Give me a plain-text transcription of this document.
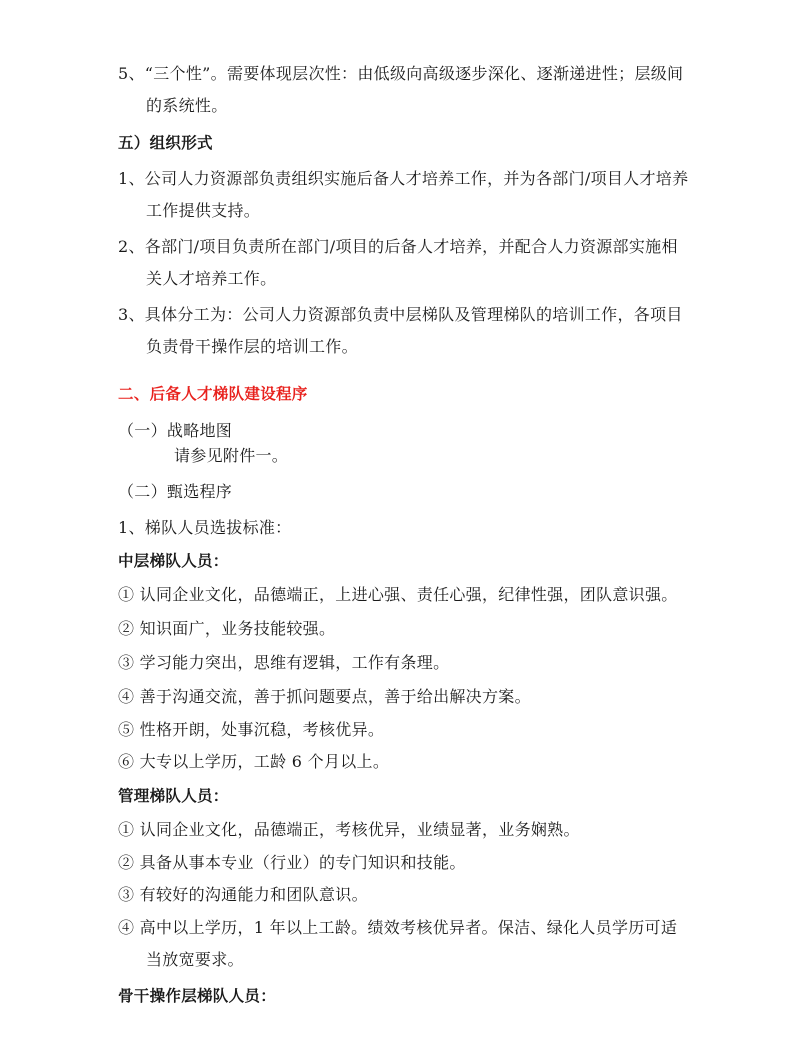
5、“三个性”。需要体现层次性：由低级向高级逐步深化、逐渐递进性；层级间
的系统性。
五）组织形式
1、公司人力资源部负责组织实施后备人才培养工作，并为各部门/项目人才培养
工作提供支持。
2、各部门/项目负责所在部门/项目的后备人才培养，并配合人力资源部实施相
关人才培养工作。
3、具体分工为：公司人力资源部负责中层梯队及管理梯队的培训工作，各项目
负责骨干操作层的培训工作。
二、后备人才梯队建设程序
（一）战略地图
请参见附件一。
（二）甄选程序
1、梯队人员选拔标准：
中层梯队人员：
① 认同企业文化，品德端正，上进心强、责任心强，纪律性强，团队意识强。
② 知识面广，业务技能较强。
③ 学习能力突出，思维有逻辑，工作有条理。
④ 善于沟通交流，善于抓问题要点，善于给出解决方案。
⑤ 性格开朗，处事沉稳，考核优异。
⑥ 大专以上学历，工龄 6 个月以上。
管理梯队人员：
① 认同企业文化，品德端正，考核优异，业绩显著，业务娴熟。
② 具备从事本专业（行业）的专门知识和技能。
③ 有较好的沟通能力和团队意识。
④ 高中以上学历，1 年以上工龄。绩效考核优异者。保洁、绿化人员学历可适
当放宽要求。
骨干操作层梯队人员：
